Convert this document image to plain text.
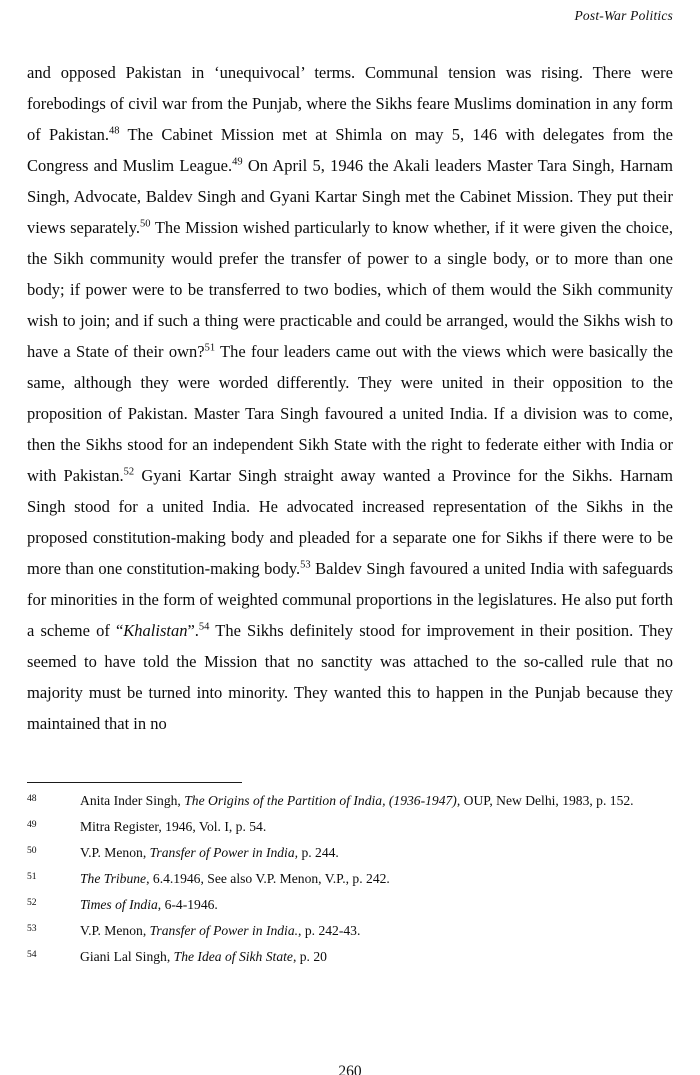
Post-War Politics

and opposed Pakistan in ‘unequivocal’ terms. Communal tension was rising. There were forebodings of civil war from the Punjab, where the Sikhs feare Muslims domination in any form of Pakistan.$^{48}$ The Cabinet Mission met at Shimla on may 5, 146 with delegates from the Congress and Muslim League.$^{49}$ On April 5, 1946 the Akali leaders Master Tara Singh, Harnam Singh, Advocate, Baldev Singh and Gyani Kartar Singh met the Cabinet Mission. They put their views separately.$^{50}$ The Mission wished particularly to know whether, if it were given the choice, the Sikh community would prefer the transfer of power to a single body, or to more than one body; if power were to be transferred to two bodies, which of them would the Sikh community wish to join; and if such a thing were practicable and could be arranged, would the Sikhs wish to have a State of their own?$^{51}$ The four leaders came out with the views which were basically the same, although they were worded differently. They were united in their opposition to the proposition of Pakistan. Master Tara Singh favoured a united India. If a division was to come, then the Sikhs stood for an independent Sikh State with the right to federate either with India or with Pakistan.$^{52}$ Gyani Kartar Singh straight away wanted a Province for the Sikhs. Harnam Singh stood for a united India. He advocated increased representation of the Sikhs in the proposed constitution-making body and pleaded for a separate one for Sikhs if there were to be more than one constitution-making body.$^{53}$ Baldev Singh favoured a united India with safeguards for minorities in the form of weighted communal proportions in the legislatures. He also put forth a scheme of “Khalistan”.$^{54}$ The Sikhs definitely stood for improvement in their position. They seemed to have told the Mission that no sanctity was attached to the so-called rule that no majority must be turned into minority. They wanted this to happen in the Punjab because they maintained that in no

48	Anita Inder Singh, The Origins of the Partition of India, (1936-1947), OUP, New Delhi, 1983, p. 152.
49	Mitra Register, 1946, Vol. I, p. 54.
50	V.P. Menon, Transfer of Power in India, p. 244.
51	The Tribune, 6.4.1946, See also V.P. Menon, V.P., p. 242.
52	Times of India, 6-4-1946.
53	V.P. Menon, Transfer of Power in India., p. 242-43.
54	Giani Lal Singh, The Idea of Sikh State, p. 20
260
